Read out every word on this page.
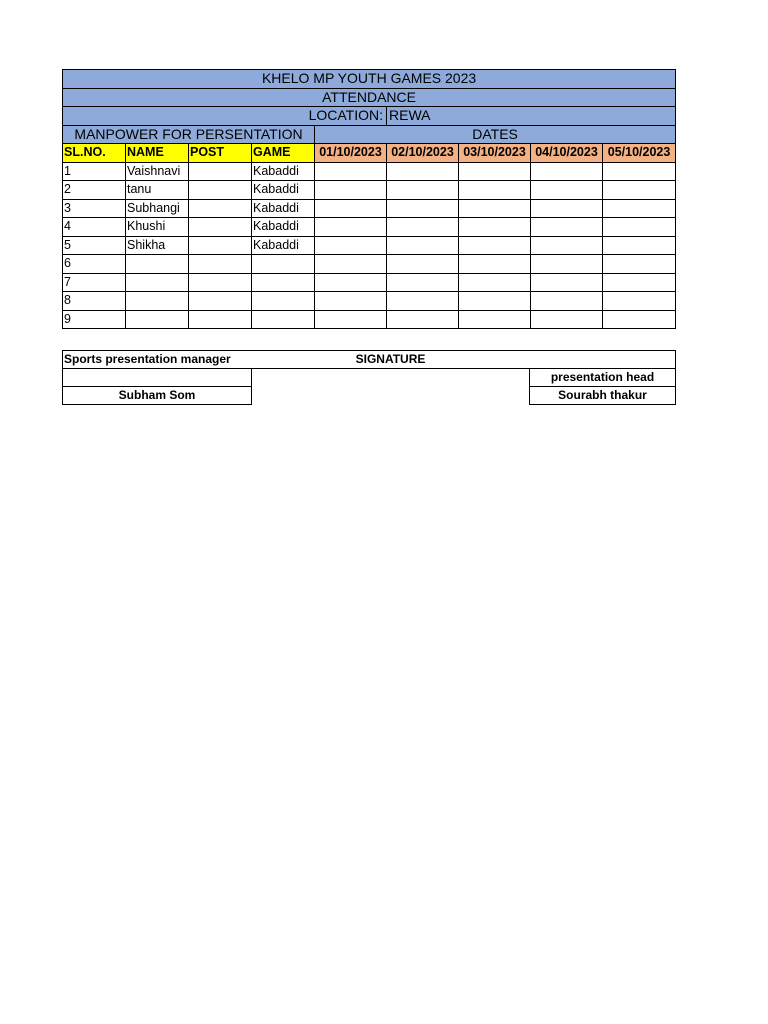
KHELO MP YOUTH GAMES 2023								
ATTENDANCE								
LOCATION:					REWA			
MANPOWER FOR PERSENTATION				DATES				
SL.NO.	NAME	POST	GAME	01/10/2023	02/10/2023	03/10/2023	04/10/2023	05/10/2023
1	Vaishnavi		Kabaddi					
2	tanu		Kabaddi					
3	Subhangi		Kabaddi					
4	Khushi		Kabaddi					
5	Shikha		Kabaddi					
6								
7								
8								
9								
Sports presentation manager	SIGNATURE	
		presentation head
Subham Som		Sourabh thakur
